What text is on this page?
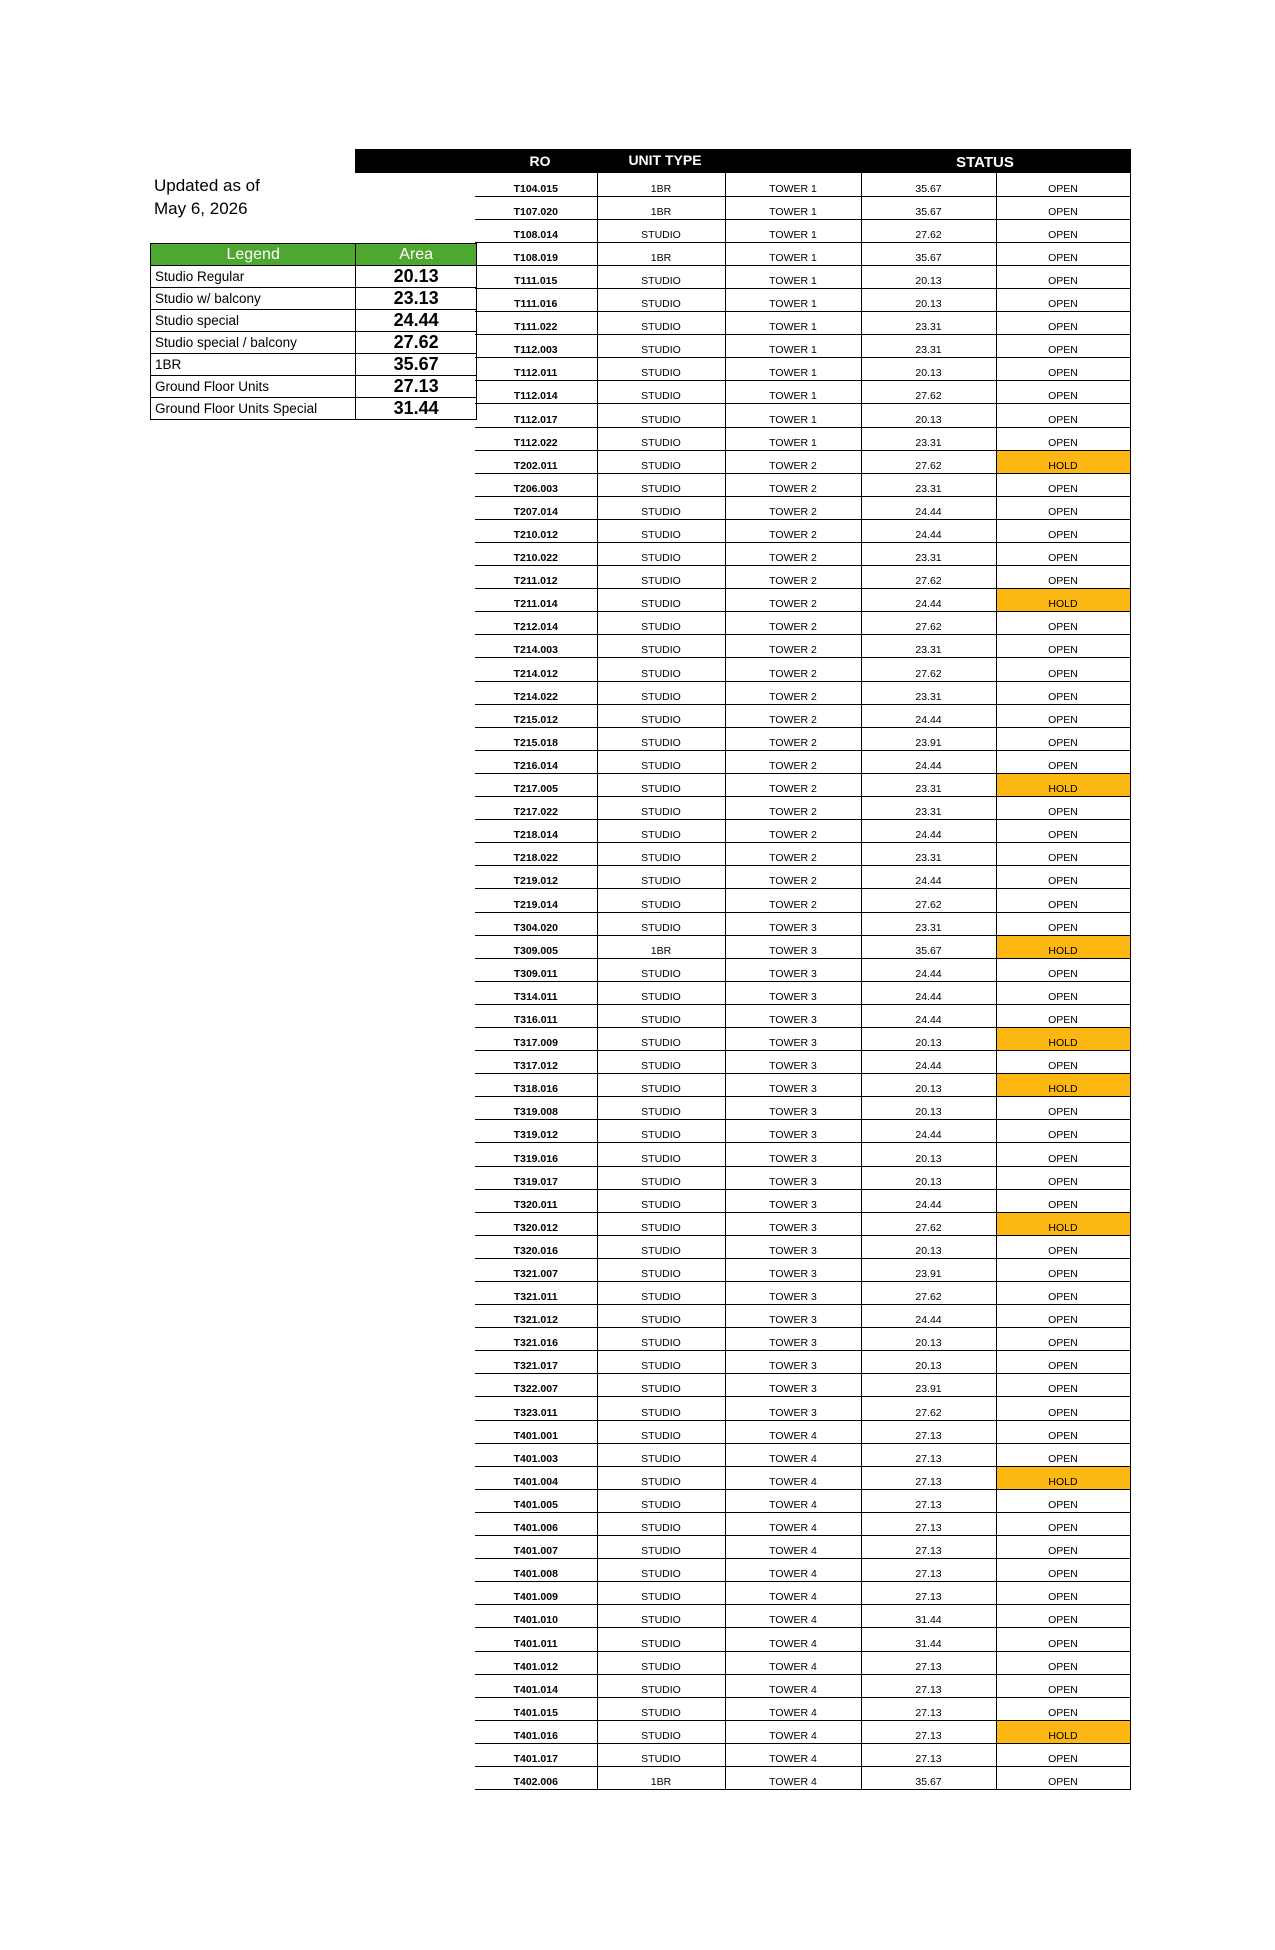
Updated as of
May 6, 2026
RO	UNIT TYPE	STATUS
Legend	Area
Studio Regular	20.13
Studio w/ balcony	23.13
Studio special	24.44
Studio special / balcony	27.62
1BR	35.67
Ground Floor Units	27.13
Ground Floor Units Special	31.44
T104.015	1BR	TOWER 1	35.67	OPEN
T107.020	1BR	TOWER 1	35.67	OPEN
T108.014	STUDIO	TOWER 1	27.62	OPEN
T108.019	1BR	TOWER 1	35.67	OPEN
T111.015	STUDIO	TOWER 1	20.13	OPEN
T111.016	STUDIO	TOWER 1	20.13	OPEN
T111.022	STUDIO	TOWER 1	23.31	OPEN
T112.003	STUDIO	TOWER 1	23.31	OPEN
T112.011	STUDIO	TOWER 1	20.13	OPEN
T112.014	STUDIO	TOWER 1	27.62	OPEN
T112.017	STUDIO	TOWER 1	20.13	OPEN
T112.022	STUDIO	TOWER 1	23.31	OPEN
T202.011	STUDIO	TOWER 2	27.62	HOLD
T206.003	STUDIO	TOWER 2	23.31	OPEN
T207.014	STUDIO	TOWER 2	24.44	OPEN
T210.012	STUDIO	TOWER 2	24.44	OPEN
T210.022	STUDIO	TOWER 2	23.31	OPEN
T211.012	STUDIO	TOWER 2	27.62	OPEN
T211.014	STUDIO	TOWER 2	24.44	HOLD
T212.014	STUDIO	TOWER 2	27.62	OPEN
T214.003	STUDIO	TOWER 2	23.31	OPEN
T214.012	STUDIO	TOWER 2	27.62	OPEN
T214.022	STUDIO	TOWER 2	23.31	OPEN
T215.012	STUDIO	TOWER 2	24.44	OPEN
T215.018	STUDIO	TOWER 2	23.91	OPEN
T216.014	STUDIO	TOWER 2	24.44	OPEN
T217.005	STUDIO	TOWER 2	23.31	HOLD
T217.022	STUDIO	TOWER 2	23.31	OPEN
T218.014	STUDIO	TOWER 2	24.44	OPEN
T218.022	STUDIO	TOWER 2	23.31	OPEN
T219.012	STUDIO	TOWER 2	24.44	OPEN
T219.014	STUDIO	TOWER 2	27.62	OPEN
T304.020	STUDIO	TOWER 3	23.31	OPEN
T309.005	1BR	TOWER 3	35.67	HOLD
T309.011	STUDIO	TOWER 3	24.44	OPEN
T314.011	STUDIO	TOWER 3	24.44	OPEN
T316.011	STUDIO	TOWER 3	24.44	OPEN
T317.009	STUDIO	TOWER 3	20.13	HOLD
T317.012	STUDIO	TOWER 3	24.44	OPEN
T318.016	STUDIO	TOWER 3	20.13	HOLD
T319.008	STUDIO	TOWER 3	20.13	OPEN
T319.012	STUDIO	TOWER 3	24.44	OPEN
T319.016	STUDIO	TOWER 3	20.13	OPEN
T319.017	STUDIO	TOWER 3	20.13	OPEN
T320.011	STUDIO	TOWER 3	24.44	OPEN
T320.012	STUDIO	TOWER 3	27.62	HOLD
T320.016	STUDIO	TOWER 3	20.13	OPEN
T321.007	STUDIO	TOWER 3	23.91	OPEN
T321.011	STUDIO	TOWER 3	27.62	OPEN
T321.012	STUDIO	TOWER 3	24.44	OPEN
T321.016	STUDIO	TOWER 3	20.13	OPEN
T321.017	STUDIO	TOWER 3	20.13	OPEN
T322.007	STUDIO	TOWER 3	23.91	OPEN
T323.011	STUDIO	TOWER 3	27.62	OPEN
T401.001	STUDIO	TOWER 4	27.13	OPEN
T401.003	STUDIO	TOWER 4	27.13	OPEN
T401.004	STUDIO	TOWER 4	27.13	HOLD
T401.005	STUDIO	TOWER 4	27.13	OPEN
T401.006	STUDIO	TOWER 4	27.13	OPEN
T401.007	STUDIO	TOWER 4	27.13	OPEN
T401.008	STUDIO	TOWER 4	27.13	OPEN
T401.009	STUDIO	TOWER 4	27.13	OPEN
T401.010	STUDIO	TOWER 4	31.44	OPEN
T401.011	STUDIO	TOWER 4	31.44	OPEN
T401.012	STUDIO	TOWER 4	27.13	OPEN
T401.014	STUDIO	TOWER 4	27.13	OPEN
T401.015	STUDIO	TOWER 4	27.13	OPEN
T401.016	STUDIO	TOWER 4	27.13	HOLD
T401.017	STUDIO	TOWER 4	27.13	OPEN
T402.006	1BR	TOWER 4	35.67	OPEN
